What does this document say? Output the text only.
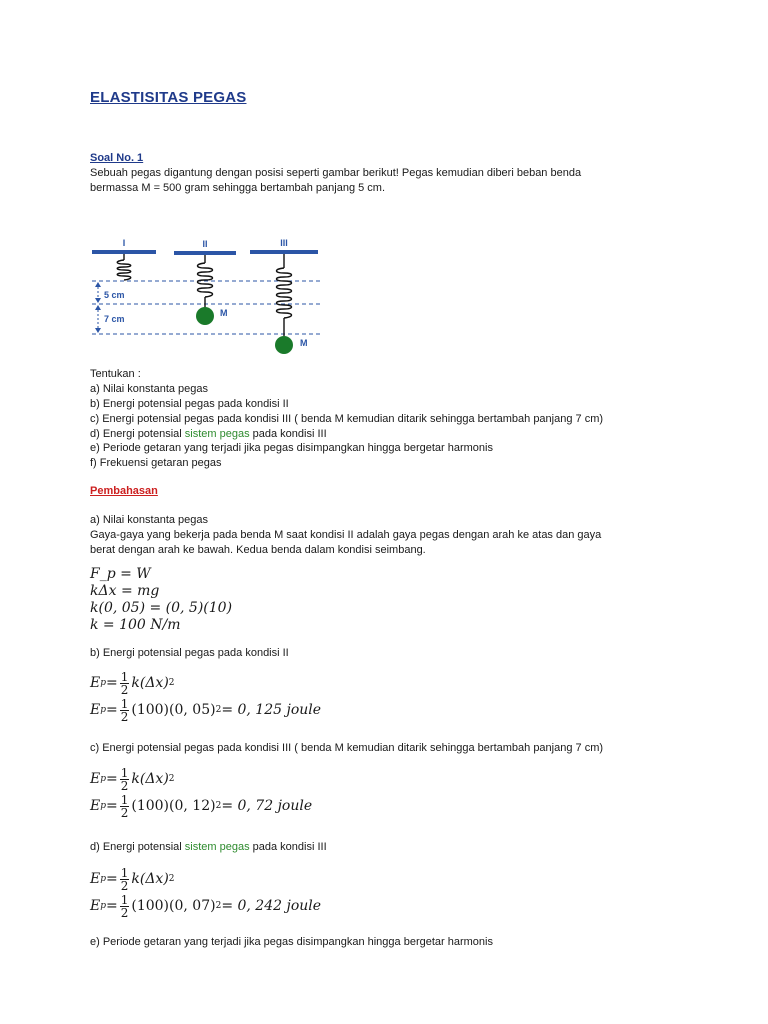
ELASTISITAS PEGAS
Soal No. 1
Sebuah pegas digantung dengan posisi seperti gambar berikut! Pegas kemudian diberi beban benda
bermassa M = 500 gram sehingga bertambah panjang 5 cm.
I	II	III
5 cm
7 cm
M
M
Tentukan :
a) Nilai konstanta pegas
b) Energi potensial pegas pada kondisi II
c) Energi potensial pegas pada kondisi III ( benda M kemudian ditarik sehingga bertambah panjang 7 cm)
d) Energi potensial sistem pegas pada kondisi III
e) Periode getaran yang terjadi jika pegas disimpangkan hingga bergetar harmonis
f) Frekuensi getaran pegas
Pembahasan
a) Nilai konstanta pegas
Gaya-gaya yang bekerja pada benda M saat kondisi II adalah gaya pegas dengan arah ke atas dan gaya
berat dengan arah ke bawah. Kedua benda dalam kondisi seimbang.
F_p = W
kΔx = mg
k(0, 05) = (0, 5)(10)
k = 100 N/m
b) Energi potensial pegas pada kondisi II
E $p = \frac{1}{2} k(\Delta x)$ 2
E $p = \frac{1}{2} (100)(0$, 05) 2 = 0, 125 joule
c) Energi potensial pegas pada kondisi III ( benda M kemudian ditarik sehingga bertambah panjang 7 cm)
E $p = \frac{1}{2} k(\Delta x)$ 2
E $p = \frac{1}{2} (100)(0$, 12) 2 = 0, 72 joule
d) Energi potensial sistem pegas pada kondisi III
E $p = \frac{1}{2} k(\Delta x)$ 2
E $p = \frac{1}{2} (100)(0$, 07) 2 = 0, 242 joule
e) Periode getaran yang terjadi jika pegas disimpangkan hingga bergetar harmonis
